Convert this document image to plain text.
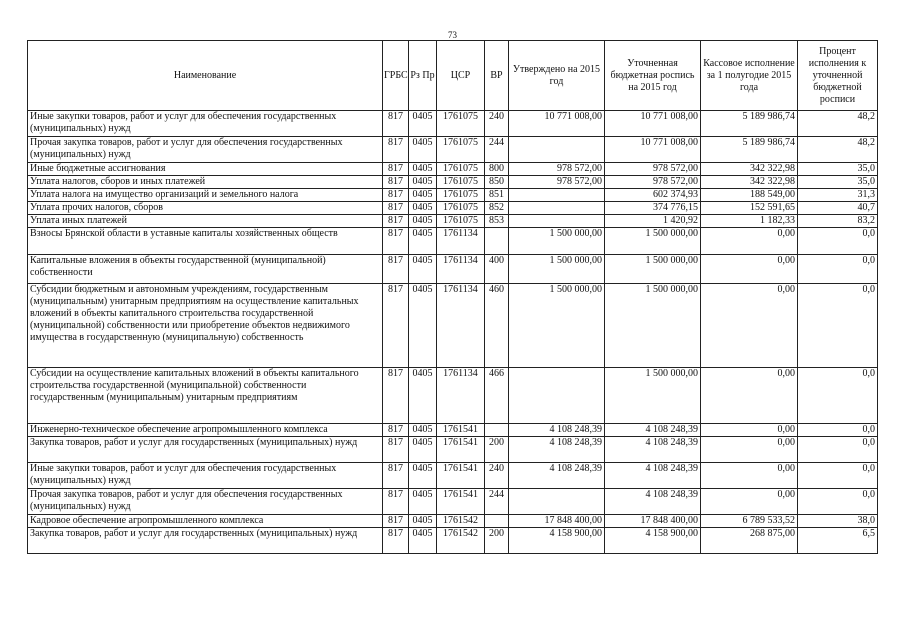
73
Наименование	ГРБС	Рз Пр	ЦСР	ВР	Утверждено на 2015 год	Уточненная бюджетная роспись на 2015 год	Кассовое исполнение за 1 полугодие 2015 года	Процент исполнения к уточненной бюджетной росписи
Иные закупки товаров, работ и услуг для обеспечения государственных (муниципальных) нужд	817	0405	1761075	240	10 771 008,00	10 771 008,00	5 189 986,74	48,2
Прочая закупка товаров, работ и услуг для обеспечения государственных (муниципальных) нужд	817	0405	1761075	244		10 771 008,00	5 189 986,74	48,2
Иные бюджетные ассигнования	817	0405	1761075	800	978 572,00	978 572,00	342 322,98	35,0
Уплата налогов, сборов и иных платежей	817	0405	1761075	850	978 572,00	978 572,00	342 322,98	35,0
Уплата налога на имущество организаций и земельного налога	817	0405	1761075	851		602 374,93	188 549,00	31,3
Уплата прочих налогов, сборов	817	0405	1761075	852		374 776,15	152 591,65	40,7
Уплата иных платежей	817	0405	1761075	853		1 420,92	1 182,33	83,2
Взносы Брянской области в уставные капиталы хозяйственных обществ	817	0405	1761134		1 500 000,00	1 500 000,00	0,00	0,0
Капитальные вложения в объекты государственной (муниципальной) собственности	817	0405	1761134	400	1 500 000,00	1 500 000,00	0,00	0,0
Субсидии бюджетным и автономным учреждениям, государственным (муниципальным) унитарным предприятиям на осуществление капитальных вложений в объекты капитального строительства государственной (муниципальной) собственности или приобретение объектов недвижимого имущества в государственную (муниципальную) собственность	817	0405	1761134	460	1 500 000,00	1 500 000,00	0,00	0,0
Субсидии на осуществление капитальных вложений в объекты капитального строительства государственной (муниципальной) собственности государственным (муниципальным) унитарным предприятиям	817	0405	1761134	466		1 500 000,00	0,00	0,0
Инженерно-техническое обеспечение агропромышленного комплекса	817	0405	1761541		4 108 248,39	4 108 248,39	0,00	0,0
Закупка товаров, работ и услуг для государственных (муниципальных) нужд	817	0405	1761541	200	4 108 248,39	4 108 248,39	0,00	0,0
Иные закупки товаров, работ и услуг для обеспечения государственных (муниципальных) нужд	817	0405	1761541	240	4 108 248,39	4 108 248,39	0,00	0,0
Прочая закупка товаров, работ и услуг для обеспечения государственных (муниципальных) нужд	817	0405	1761541	244		4 108 248,39	0,00	0,0
Кадровое обеспечение агропромышленного комплекса	817	0405	1761542		17 848 400,00	17 848 400,00	6 789 533,52	38,0
Закупка товаров, работ и услуг для государственных (муниципальных) нужд	817	0405	1761542	200	4 158 900,00	4 158 900,00	268 875,00	6,5
